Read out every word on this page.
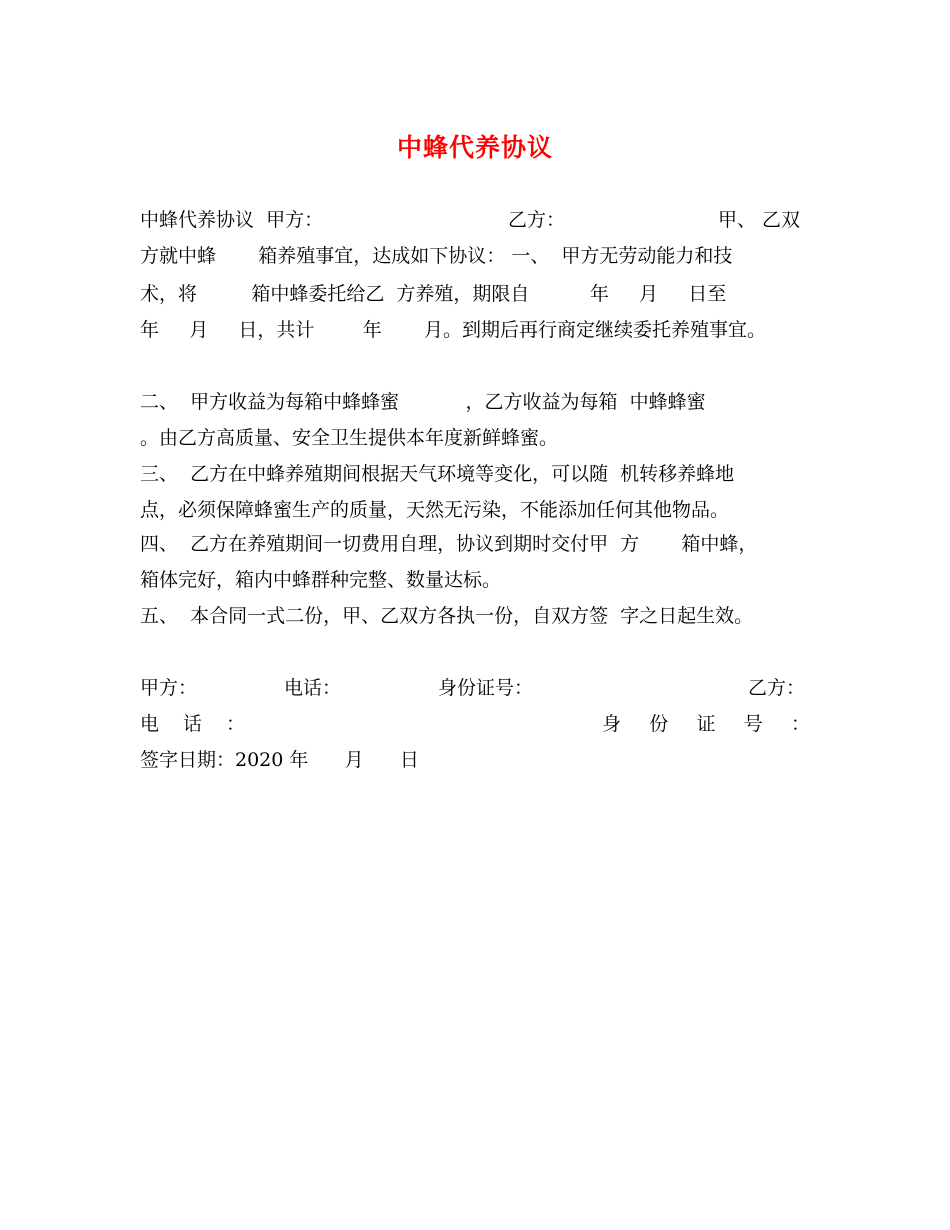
中蜂代养协议
中蜂代养协议  甲方：	乙方：	甲、 乙双
方就中蜂       箱养殖事宜，达成如下协议： 一、  甲方无劳动能力和技
术，将         箱中蜂委托给乙  方养殖，期限自          年     月     日至
年     月     日，共计        年       月。到期后再行商定继续委托养殖事宜。
二、  甲方收益为每箱中蜂蜂蜜           ，乙方收益为每箱  中蜂蜂蜜
。由乙方高质量、安全卫生提供本年度新鲜蜂蜜。
三、  乙方在中蜂养殖期间根据天气环境等变化，可以随  机转移养蜂地
点，必须保障蜂蜜生产的质量，天然无污染，不能添加任何其他物品。
四、  乙方在养殖期间一切费用自理，协议到期时交付甲  方       箱中蜂，
箱体完好，箱内中蜂群种完整、数量达标。
五、  本合同一式二份，甲、乙双方各执一份，自双方签  字之日起生效。
甲方：	电话：	身份证号：	乙方：
电 话 ：	身 份 证 号 ：
签字日期：2020 年      月      日
